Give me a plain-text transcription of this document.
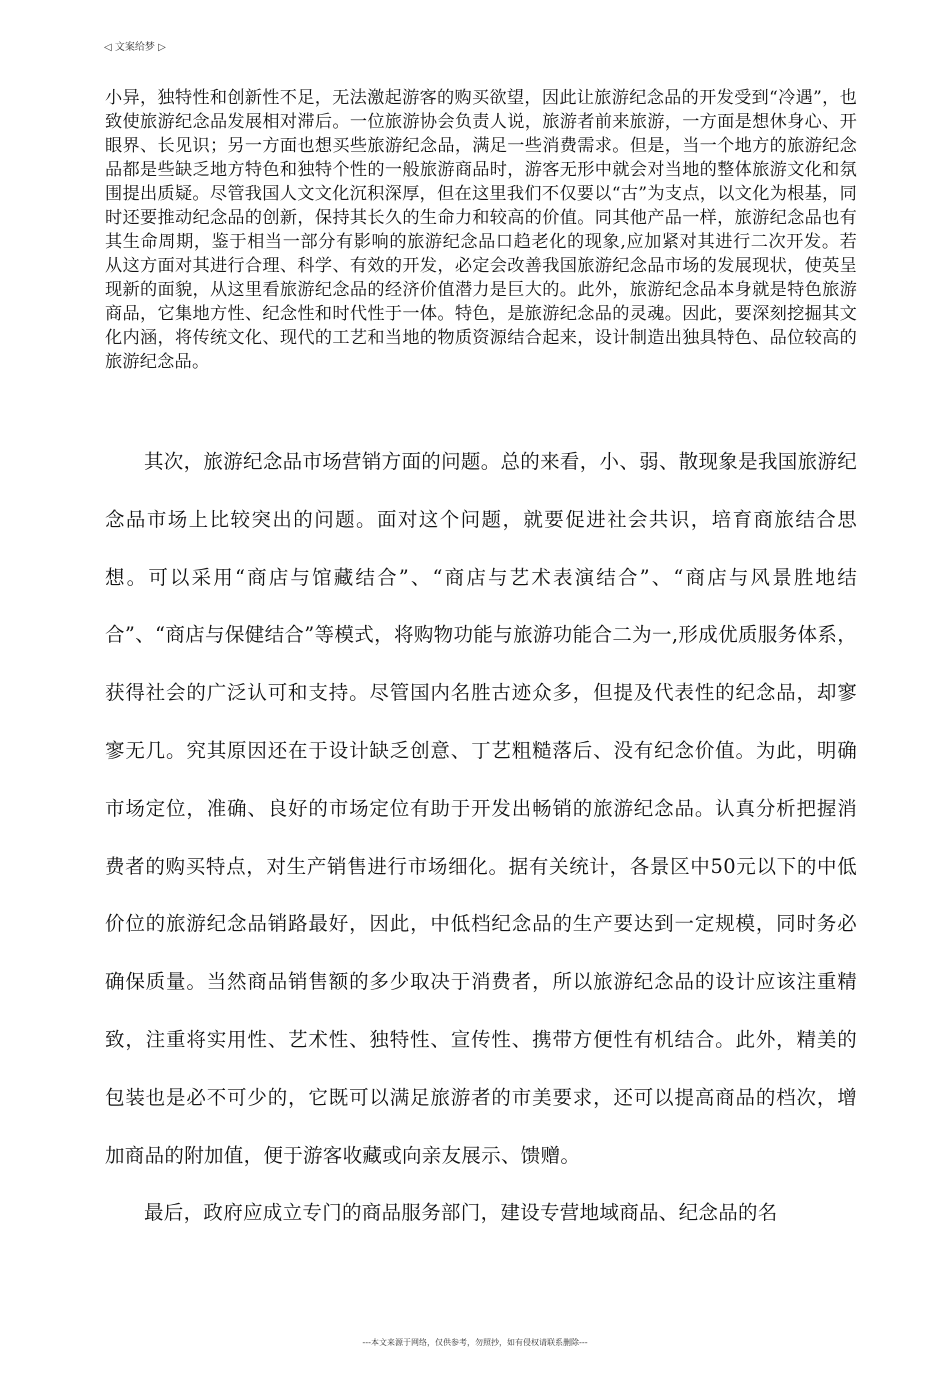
◁ 文案给梦 ▷
小异，独特性和创新性不足，无法激起游客的购买欲望，因此让旅游纪念品的开发受到“冷遇”，也致使旅游纪念品发展相对滞后。一位旅游协会负责人说，旅游者前来旅游，一方面是想休身心、开眼界、长见识；另一方面也想买些旅游纪念品，满足一些消费需求。但是，当一个地方的旅游纪念品都是些缺乏地方特色和独特个性的一般旅游商品时，游客无形中就会对当地的整体旅游文化和氛围提出质疑。尽管我国人文文化沉积深厚，但在这里我们不仅要以“古”为支点，以文化为根基，同时还要推动纪念品的创新，保持其长久的生命力和较高的价值。同其他产品一样，旅游纪念品也有其生命周期，鉴于相当一部分有影响的旅游纪念品口趋老化的现象,应加紧对其进行二次开发。若从这方面对其进行合理、科学、有效的开发，必定会改善我国旅游纪念品市场的发展现状，使英呈现新的面貌，从这里看旅游纪念品的经济价值潜力是巨大的。此外，旅游纪念品本身就是特色旅游商品，它集地方性、纪念性和时代性于一体。特色，是旅游纪念品的灵魂。因此，要深刻挖掘其文化内涵，将传统文化、现代的工艺和当地的物质资源结合起来，设计制造出独具特色、品位较高的旅游纪念品。

其次，旅游纪念品市场营销方面的问题。总的来看，小、弱、散现象是我国旅游纪念品市场上比较突出的问题。面对这个问题，就要促进社会共识，培育商旅结合思想。可以采用“商店与馆藏结合”、“商店与艺术表演结合”、“商店与风景胜地结合”、“商店与保健结合”等模式，将购物功能与旅游功能合二为一,形成优质服务体系，获得社会的广泛认可和支持。尽管国内名胜古迹众多，但提及代表性的纪念品，却寥寥无几。究其原因还在于设计缺乏创意、丁艺粗糙落后、没有纪念价值。为此，明确市场定位，准确、良好的市场定位有助于开发出畅销的旅游纪念品。认真分析把握消费者的购买特点，对生产销售进行市场细化。据有关统计，各景区中50元以下的中低价位的旅游纪念品销路最好，因此，中低档纪念品的生产要达到一定规模，同时务必确保质量。当然商品销售额的多少取决于消费者，所以旅游纪念品的设计应该注重精致，注重将实用性、艺术性、独特性、宣传性、携带方便性有机结合。此外，精美的包装也是必不可少的，它既可以满足旅游者的市美要求，还可以提高商品的档次，增加商品的附加值，便于游客收藏或向亲友展示、馈赠。

最后，政府应成立专门的商品服务部门，建设专营地域商品、纪念品的名

---本文来源于网络，仅供参考，勿照抄，如有侵权请联系删除---
